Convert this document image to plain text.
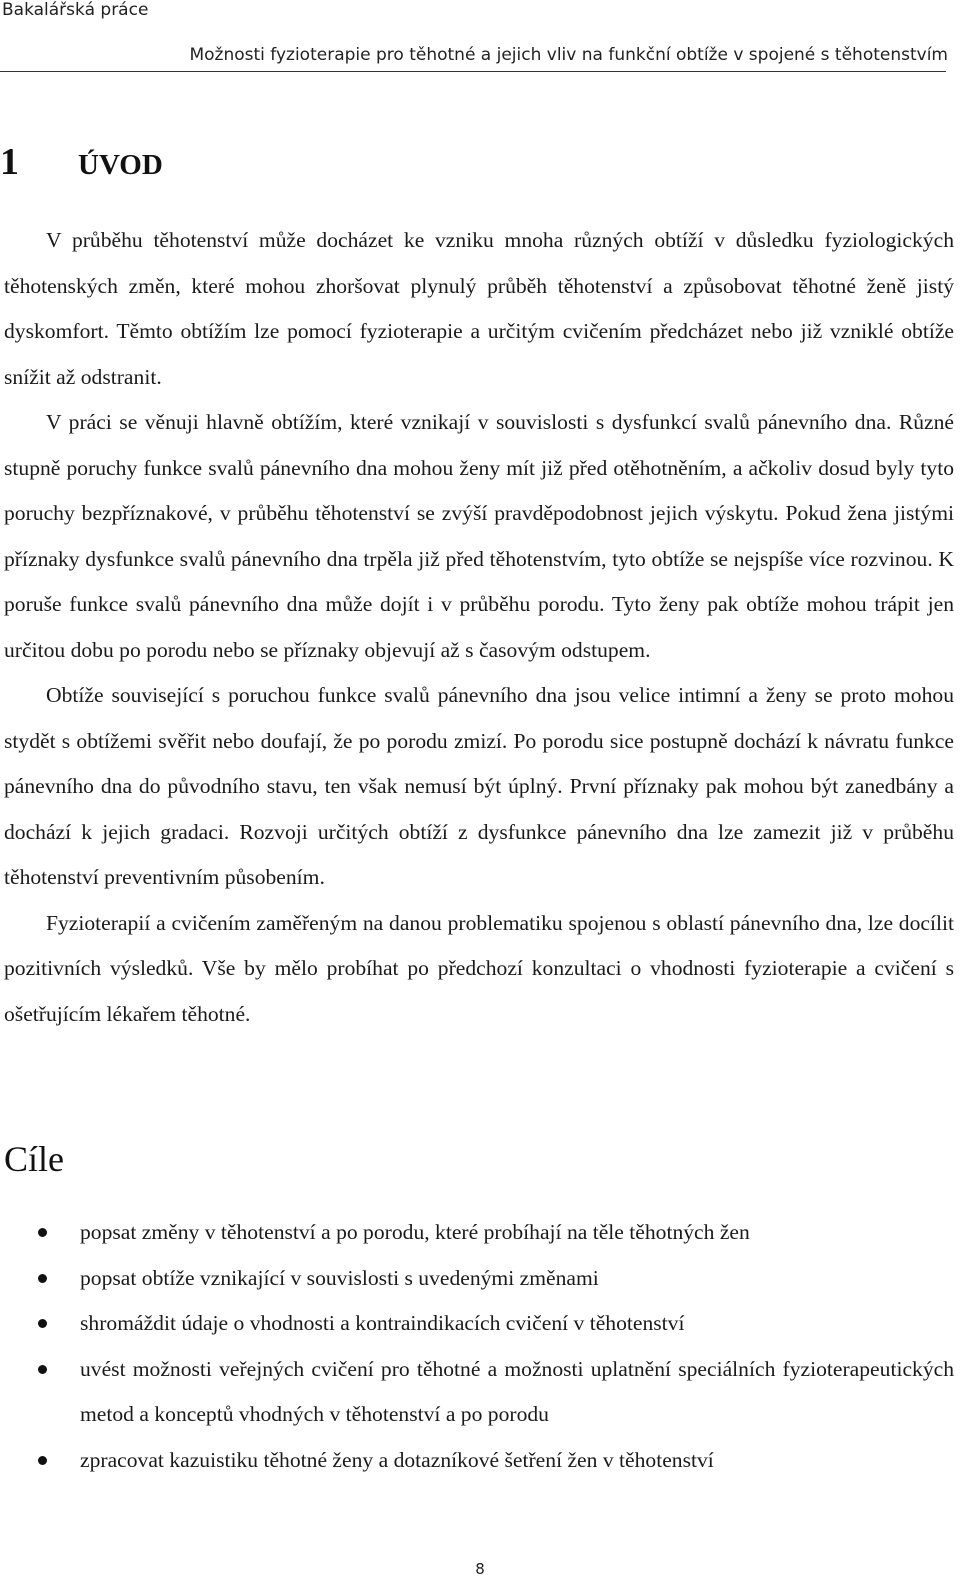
Bakalářská práce
Možnosti fyzioterapie pro těhotné a jejich vliv na funkční obtíže v spojené s těhotenstvím
1 ÚVOD

V průběhu těhotenství může docházet ke vzniku mnoha různých obtíží v důsledku fyziologických těhotenských změn, které mohou zhoršovat plynulý průběh těhotenství a způsobovat těhotné ženě jistý dyskomfort. Těmto obtížím lze pomocí fyzioterapie a určitým cvičením předcházet nebo již vzniklé obtíže snížit až odstranit.

V práci se věnuji hlavně obtížím, které vznikají v souvislosti s dysfunkcí svalů pánevního dna. Různé stupně poruchy funkce svalů pánevního dna mohou ženy mít již před otěhotněním, a ačkoliv dosud byly tyto poruchy bezpříznakové, v průběhu těhotenství se zvýší pravděpodobnost jejich výskytu. Pokud žena jistými příznaky dysfunkce svalů pánevního dna trpěla již před těhotenstvím, tyto obtíže se nejspíše více rozvinou. K poruše funkce svalů pánevního dna může dojít i v průběhu porodu. Tyto ženy pak obtíže mohou trápit jen určitou dobu po porodu nebo se příznaky objevují až s časovým odstupem.

Obtíže související s poruchou funkce svalů pánevního dna jsou velice intimní a ženy se proto mohou stydět s obtížemi svěřit nebo doufají, že po porodu zmizí. Po porodu sice postupně dochází k návratu funkce pánevního dna do původního stavu, ten však nemusí být úplný. První příznaky pak mohou být zanedbány a dochází k jejich gradaci. Rozvoji určitých obtíží z dysfunkce pánevního dna lze zamezit již v průběhu těhotenství preventivním působením.

Fyzioterapií a cvičením zaměřeným na danou problematiku spojenou s oblastí pánevního dna, lze docílit pozitivních výsledků. Vše by mělo probíhat po předchozí konzultaci o vhodnosti fyzioterapie a cvičení s ošetřujícím lékařem těhotné.

Cíle
popsat změny v těhotenství a po porodu, které probíhají na těle těhotných žen
popsat obtíže vznikající v souvislosti s uvedenými změnami
shromáždit údaje o vhodnosti a kontraindikacích cvičení v těhotenství
uvést možnosti veřejných cvičení pro těhotné a možnosti uplatnění speciálních fyzioterapeutických metod a konceptů vhodných v těhotenství a po porodu
zpracovat kazuistiku těhotné ženy a dotazníkové šetření žen v těhotenství
8
